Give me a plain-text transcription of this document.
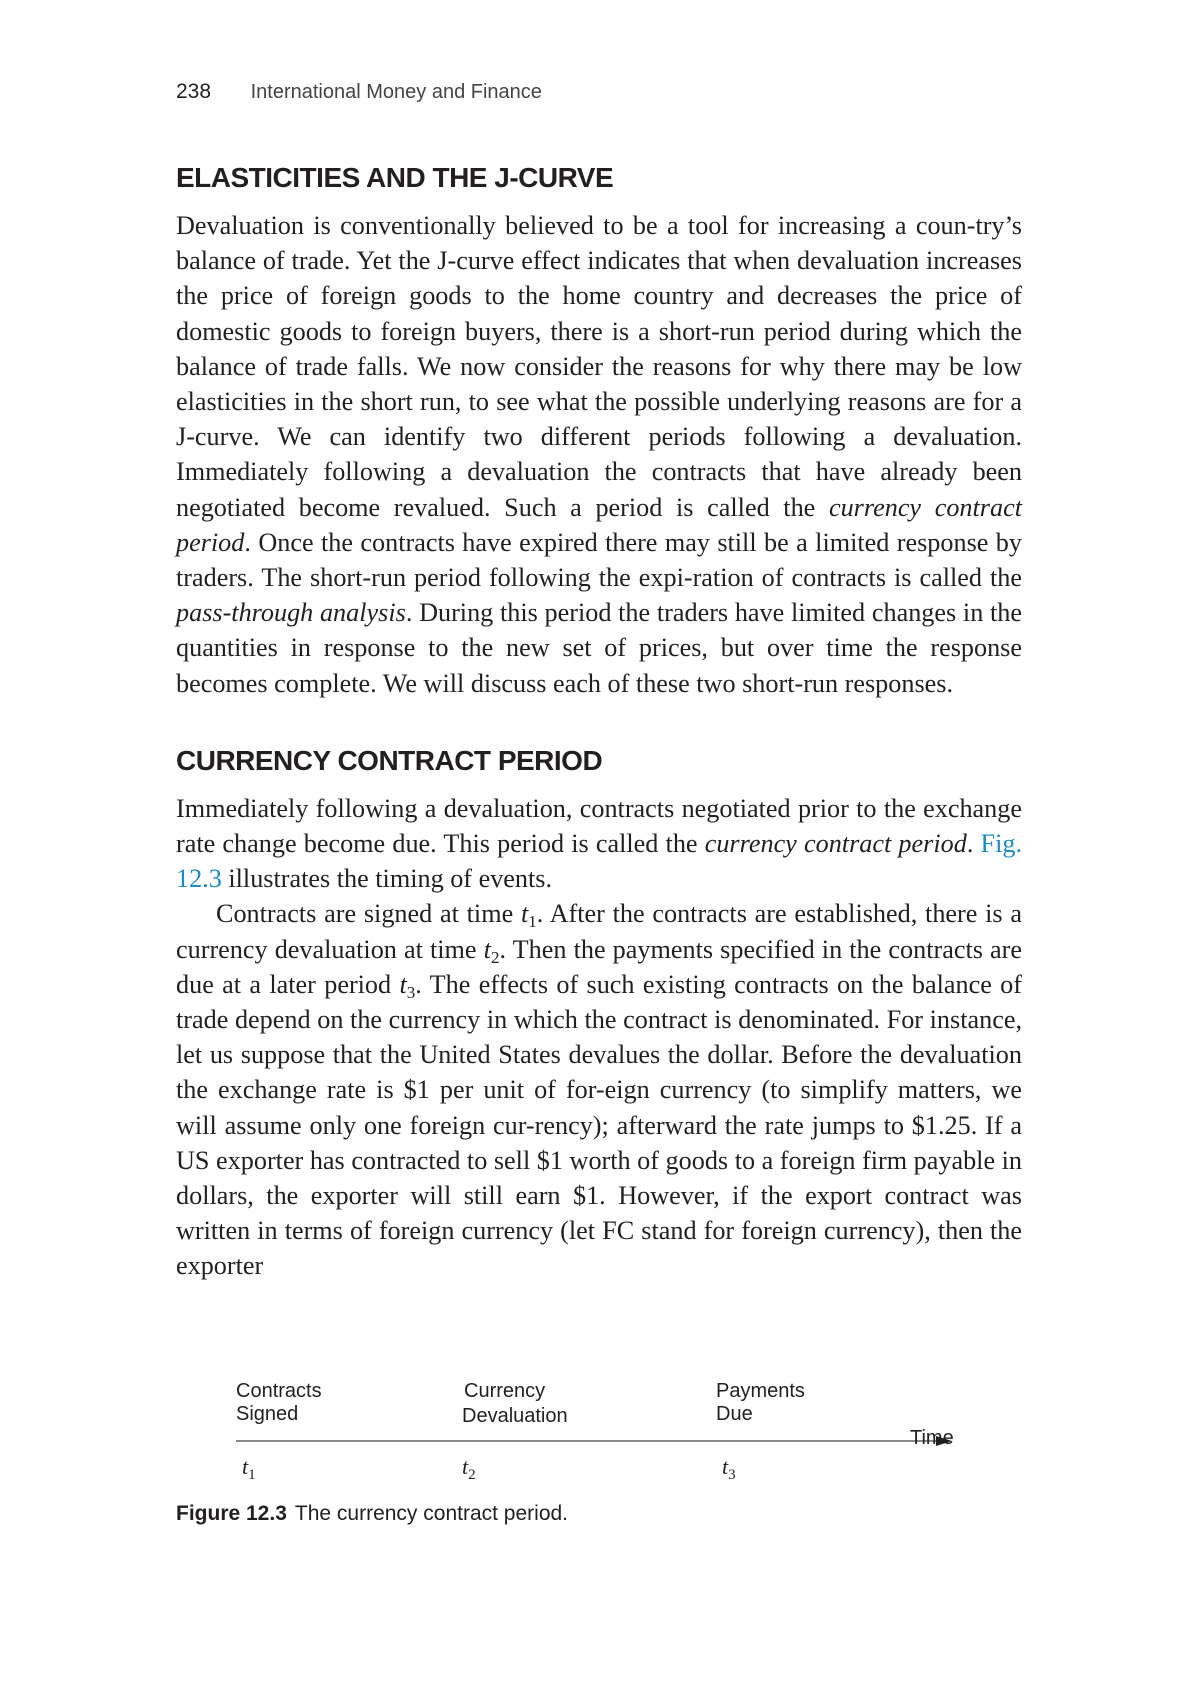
238 International Money and Finance
ELASTICITIES AND THE J-CURVE

Devaluation is conventionally believed to be a tool for increasing a coun-try’s balance of trade. Yet the J-curve effect indicates that when devaluation increases the price of foreign goods to the home country and decreases the price of domestic goods to foreign buyers, there is a short-run period during which the balance of trade falls. We now consider the reasons for why there may be low elasticities in the short run, to see what the possible underlying reasons are for a J-curve. We can identify two different periods following a devaluation. Immediately following a devaluation the contracts that have already been negotiated become revalued. Such a period is called the currency contract period. Once the contracts have expired there may still be a limited response by traders. The short-run period following the expi-ration of contracts is called the pass-through analysis. During this period the traders have limited changes in the quantities in response to the new set of prices, but over time the response becomes complete. We will discuss each of these two short-run responses.

CURRENCY CONTRACT PERIOD

Immediately following a devaluation, contracts negotiated prior to the exchange rate change become due. This period is called the currency contract period. Fig. 12.3 illustrates the timing of events.

Contracts are signed at time $t_1$. After the contracts are established, there is a currency devaluation at time $t_2$. Then the payments specified in the contracts are due at a later period $t_3$. The effects of such existing contracts on the balance of trade depend on the currency in which the contract is denominated. For instance, let us suppose that the United States devalues the dollar. Before the devaluation the exchange rate is $1 per unit of for-eign currency (to simplify matters, we will assume only one foreign cur-rency); afterward the rate jumps to $1.25. If a US exporter has contracted to sell $1 worth of goods to a foreign firm payable in dollars, the exporter will still earn $1. However, if the export contract was written in terms of foreign currency (let FC stand for foreign currency), then the exporter

Contracts
Signed
Currency
Devaluation
Payments
Due
Time
$t_1$	$t_2$	$t_3$
Figure 12.3 The currency contract period.
